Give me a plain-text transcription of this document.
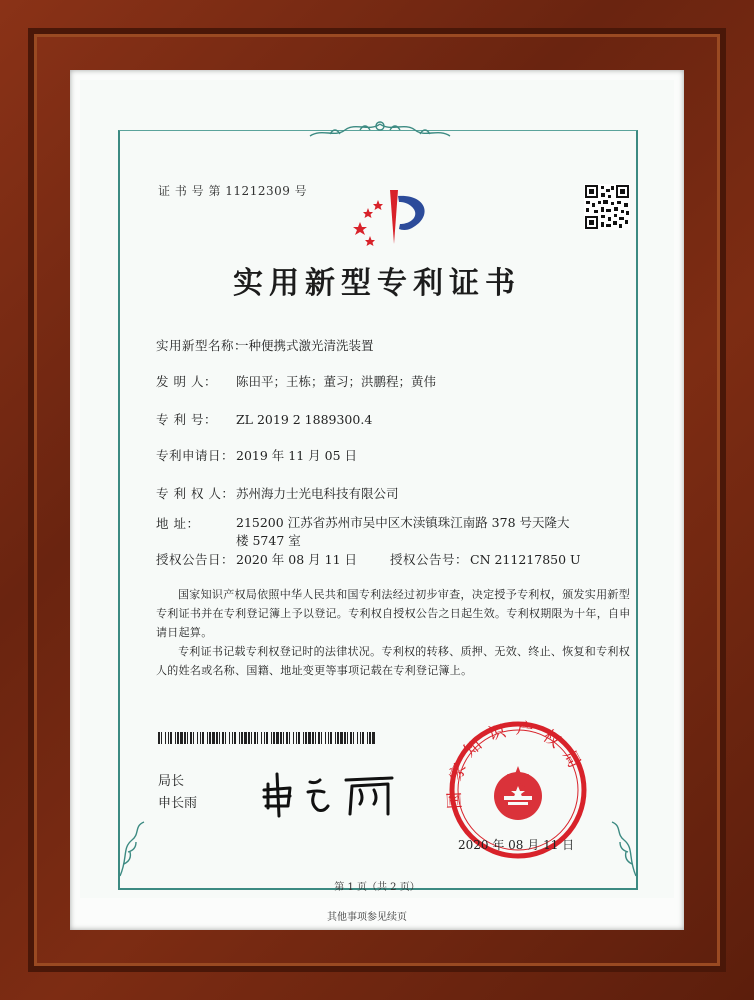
证 书 号 第 11212309 号
实用新型专利证书
实用新型名称：一种便携式激光清洗装置
发 明 人： 陈田平；王栋；董习；洪鹏程；黄伟
专 利 号： ZL 2019 2 1889300.4
专利申请日： 2019 年 11 月 05 日
专 利 权 人： 苏州海力士光电科技有限公司
地 址：	215200 江苏省苏州市吴中区木渎镇珠江南路 378 号天隆大楼 5747 室
授权公告日： 2020 年 08 月 11 日	授权公告号： CN 211217850 U
国家知识产权局依照中华人民共和国专利法经过初步审查，决定授予专利权，颁发实用新型专利证书并在专利登记簿上予以登记。专利权自授权公告之日起生效。专利权期限为十年，自申请日起算。
专利证书记载专利权登记时的法律状况。专利权的转移、质押、无效、终止、恢复和专利权人的姓名或名称、国籍、地址变更等事项记载在专利登记簿上。
局长
申长雨	国家知识产权局
2020 年 08 月 11 日
第 1 页（共 2 页）
其他事项参见续页
